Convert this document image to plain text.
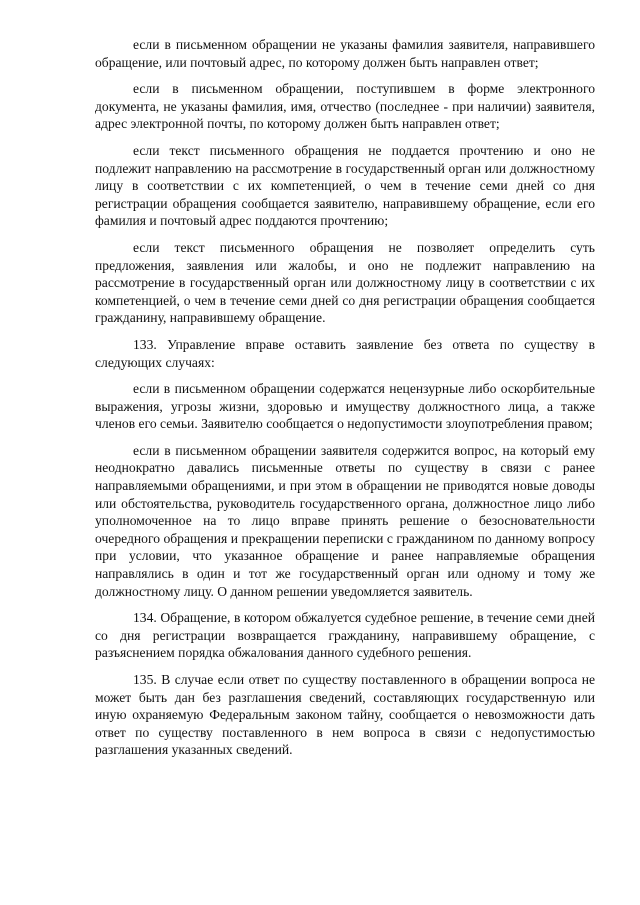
если в письменном обращении не указаны фамилия заявителя, направившего обращение, или почтовый адрес, по которому должен быть направлен ответ;

если в письменном обращении, поступившем в форме электронного документа, не указаны фамилия, имя, отчество (последнее - при наличии) заявителя, адрес электронной почты, по которому должен быть направлен ответ;

если текст письменного обращения не поддается прочтению и оно не подлежит направлению на рассмотрение в государственный орган или должностному лицу в соответствии с их компетенцией, о чем в течение семи дней со дня регистрации обращения сообщается заявителю, направившему обращение, если его фамилия и почтовый адрес поддаются прочтению;

если текст письменного обращения не позволяет определить суть предложения, заявления или жалобы, и оно не подлежит направлению на рассмотрение в государственный орган или должностному лицу в соответствии с их компетенцией, о чем в течение семи дней со дня регистрации обращения сообщается гражданину, направившему обращение.

133. Управление вправе оставить заявление без ответа по существу в следующих случаях:

если в письменном обращении содержатся нецензурные либо оскорбительные выражения, угрозы жизни, здоровью и имуществу должностного лица, а также членов его семьи. Заявителю сообщается о недопустимости злоупотребления правом;

если в письменном обращении заявителя содержится вопрос, на который ему неоднократно давались письменные ответы по существу в связи с ранее направляемыми обращениями, и при этом в обращении не приводятся новые доводы или обстоятельства, руководитель государственного органа, должностное лицо либо уполномоченное на то лицо вправе принять решение о безосновательности очередного обращения и прекращении переписки с гражданином по данному вопросу при условии, что указанное обращение и ранее направляемые обращения направлялись в один и тот же государственный орган или одному и тому же должностному лицу. О данном решении уведомляется заявитель.

134. Обращение, в котором обжалуется судебное решение, в течение семи дней со дня регистрации возвращается гражданину, направившему обращение, с разъяснением порядка обжалования данного судебного решения.

135. В случае если ответ по существу поставленного в обращении вопроса не может быть дан без разглашения сведений, составляющих государственную или иную охраняемую Федеральным законом тайну, сообщается о невозможности дать ответ по существу поставленного в нем вопроса в связи с недопустимостью разглашения указанных сведений.
